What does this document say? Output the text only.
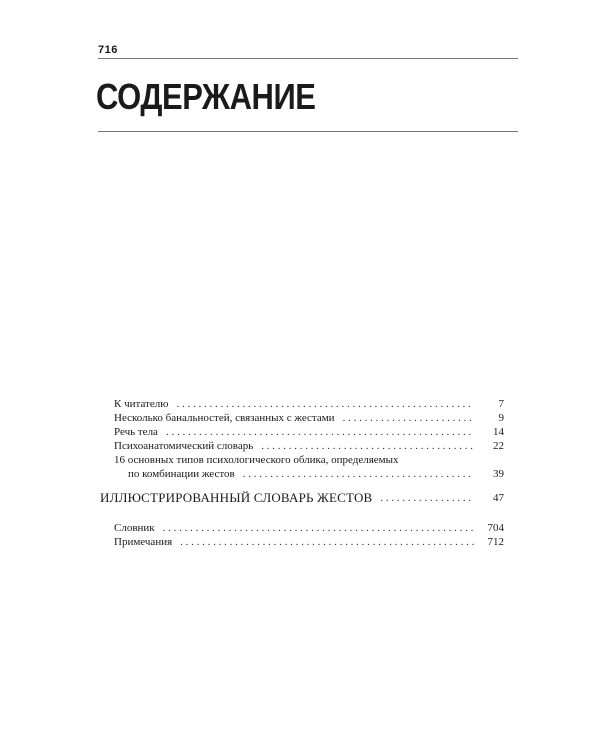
716
СОДЕРЖАНИЕ
К читателю . . .	7
Несколько банальностей, связанных с жестами . . .	9
Речь тела . . .	14
Психоанатомический словарь . . .	22
16 основных типов психологического облика, определяемых
по комбинации жестов . . .	39
ИЛЛЮСТРИРОВАННЫЙ СЛОВАРЬ ЖЕСТОВ . . .	47
Словник . . .	704
Примечания . . .	712
